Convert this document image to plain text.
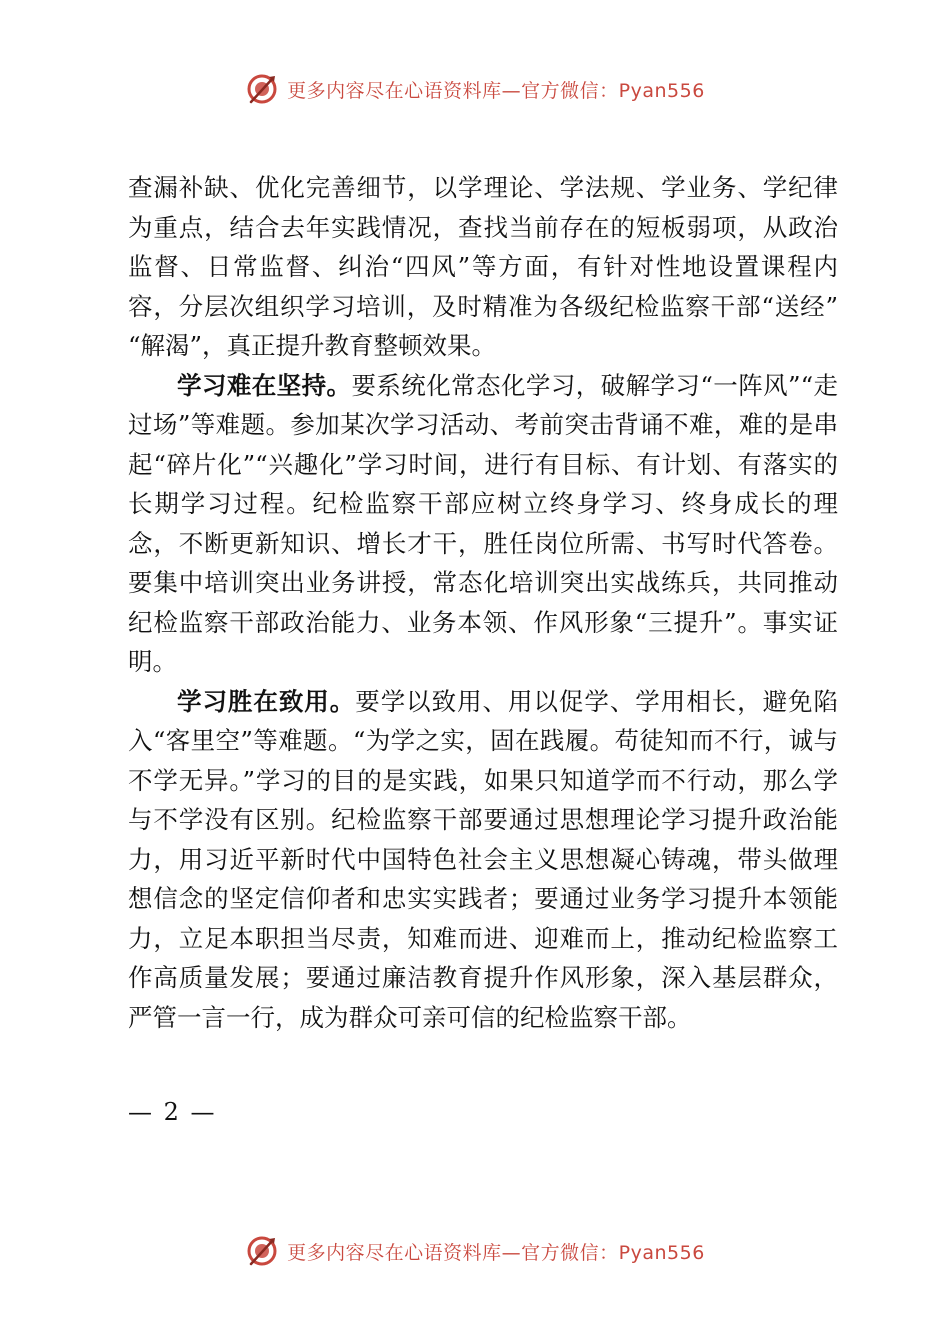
更多内容尽在心语资料库—官方微信：Pyan556

查漏补缺、优化完善细节，以学理论、学法规、学业务、学纪律为重点，结合去年实践情况，查找当前存在的短板弱项，从政治监督、日常监督、纠治“四风”等方面，有针对性地设置课程内容，分层次组织学习培训，及时精准为各级纪检监察干部“送经” “解渴”，真正提升教育整顿效果。

学习难在坚持。要系统化常态化学习，破解学习“一阵风”“走过场”等难题。参加某次学习活动、考前突击背诵不难，难的是串起“碎片化”“兴趣化”学习时间，进行有目标、有计划、有落实的长期学习过程。纪检监察干部应树立终身学习、终身成长的理念，不断更新知识、增长才干，胜任岗位所需、书写时代答卷。要集中培训突出业务讲授，常态化培训突出实战练兵，共同推动纪检监察干部政治能力、业务本领、作风形象“三提升”。事实证明。

学习胜在致用。要学以致用、用以促学、学用相长，避免陷入“客里空”等难题。“为学之实，固在践履。苟徒知而不行，诚与不学无异。”学习的目的是实践，如果只知道学而不行动，那么学与不学没有区别。纪检监察干部要通过思想理论学习提升政治能力，用习近平新时代中国特色社会主义思想凝心铸魂，带头做理想信念的坚定信仰者和忠实实践者；要通过业务学习提升本领能力，立足本职担当尽责，知难而进、迎难而上，推动纪检监察工作高质量发展；要通过廉洁教育提升作风形象，深入基层群众，严管一言一行，成为群众可亲可信的纪检监察干部。

— 2 —
更多内容尽在心语资料库—官方微信：Pyan556
